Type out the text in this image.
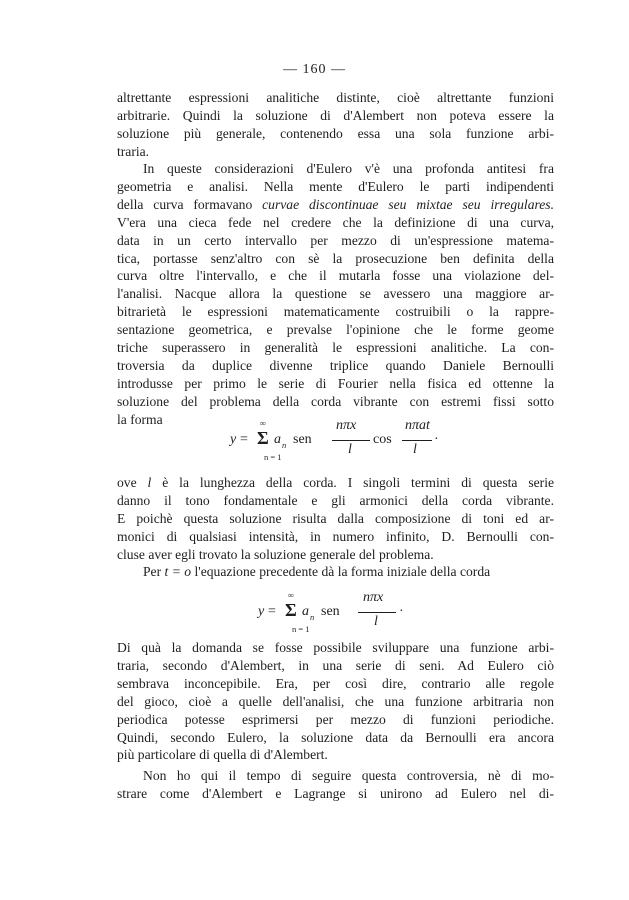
— 160 —
altrettante espressioni analitiche distinte, cioè altrettante funzioni
arbitrarie. Quindi la soluzione di d'Alembert non poteva essere la
soluzione più generale, contenendo essa una sola funzione arbi-
traria.
In queste considerazioni d'Eulero v'è una profonda antitesi fra
geometria e analisi. Nella mente d'Eulero le parti indipendenti
della curva formavano curvae discontinuae seu mixtae seu irregulares.
V'era una cieca fede nel credere che la definizione di una curva,
data in un certo intervallo per mezzo di un'espressione matema-
tica, portasse senz'altro con sè la prosecuzione ben definita della
curva oltre l'intervallo, e che il mutarla fosse una violazione del-
l'analisi. Nacque allora la questione se avessero una maggiore ar-
bitrarietà le espressioni matematicamente costruibili o la rappre-
sentazione geometrica, e prevalse l'opinione che le forme geome
triche superassero in generalità le espressioni analitiche. La con-
troversia da duplice divenne triplice quando Daniele Bernoulli
introdusse per primo le serie di Fourier nella fisica ed ottenne la
soluzione del problema della corda vibrante con estremi fissi sotto
la forma	∞
y = Σ
n = 1
a n sen
nπx
l
cos
nπat
l
·
ove l è la lunghezza della corda. I singoli termini di questa serie
danno il tono fondamentale e gli armonici della corda vibrante.
E poichè questa soluzione risulta dalla composizione di toni ed ar-
monici di qualsiasi intensità, in numero infinito, D. Bernoulli con-
cluse aver egli trovato la soluzione generale del problema.
Per t = o l'equazione precedente dà la forma iniziale della corda
∞
y = Σ
n = 1
a n sen
nπx
l
·
Di quà la domanda se fosse possibile sviluppare una funzione arbi-
traria, secondo d'Alembert, in una serie di seni. Ad Eulero ciò
sembrava inconcepibile. Era, per così dire, contrario alle regole
del gioco, cioè a quelle dell'analisi, che una funzione arbitraria non
periodica potesse esprimersi per mezzo di funzioni periodiche.
Quindi, secondo Eulero, la soluzione data da Bernoulli era ancora
più particolare di quella di d'Alembert.
Non ho qui il tempo di seguire questa controversia, nè di mo-
strare come d'Alembert e Lagrange si unirono ad Eulero nel di-
